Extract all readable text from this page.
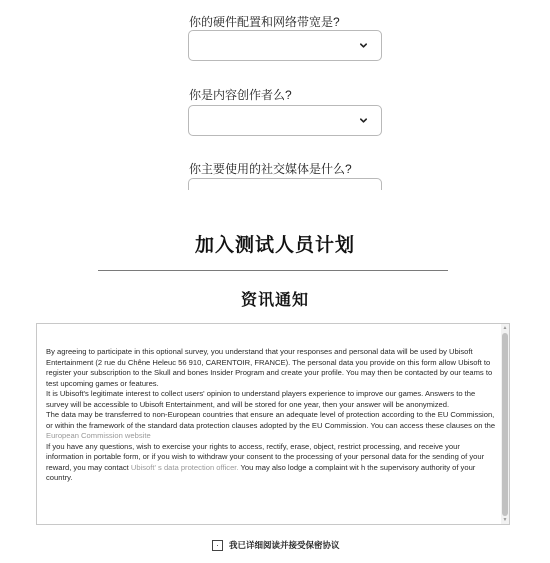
你的硬件配置和网络带宽是?
你是内容创作者么?
你主要使用的社交媒体是什么?
加入测试人员计划
资讯通知

By agreeing to participate in this optional survey, you understand that your responses and personal data will be used by Ubisoft Entertainment (2 rue du Chêne Heleuc 56 910, CARENTOIR, FRANCE). The personal data you provide on this form allow Ubisoft to register your subscription to the Skull and bones Insider Program and create your profile. You may then be contacted by our teams to test upcoming games or features.

It is Ubisoft's legitimate interest to collect users' opinion to understand players experience to improve our games. Answers to the survey will be accessible to Ubisoft Entertainment, and will be stored for one year, then your answer will be anonymized.

The data may be transferred to non-European countries that ensure an adequate level of protection according to the EU Commission, or within the framework of the standard data protection clauses adopted by the EU Commission. You can access these clauses on the European Commission website

If you have any questions, wish to exercise your rights to access, rectify, erase, object, restrict processing, and receive your information in portable form, or if you wish to withdraw your consent to the processing of your personal data for the sending of your reward, you may contact Ubisoft' s data protection officer. You may also lodge a complaint wit h the supervisory authority of your country.

▲
▼
我已详细阅读并接受保密协议
